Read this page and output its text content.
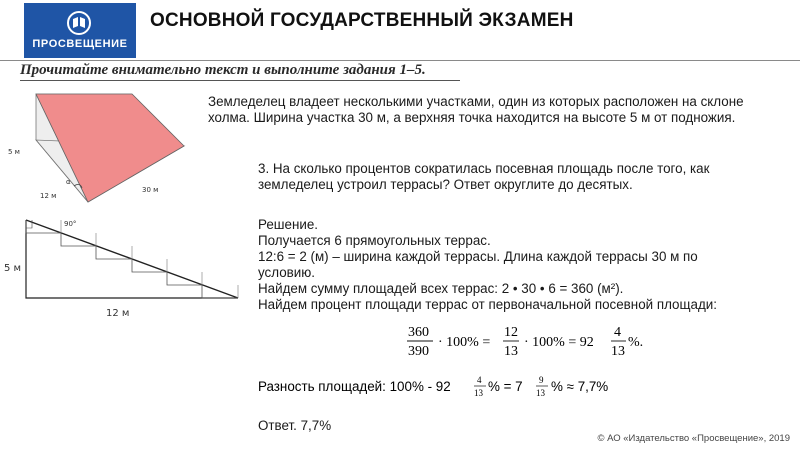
ПРОСВЕЩЕНИЕ
ОСНОВНОЙ ГОСУДАРСТВЕННЫЙ ЭКЗАМЕН
Прочитайте внимательно текст и выполните задания 1–5.
5 м
12 м
30 м
α
90°
5 м
12 м
Земледелец владеет несколькими участками, один из которых расположен на склоне холма. Ширина участка 30 м, а верхняя точка находится на высоте 5 м от подножия.
3. На сколько процентов сократилась посевная площадь после того, как земледелец устроил террасы? Ответ округлите до десятых.
Решение.
Получается 6 прямоугольных террас.
12:6 = 2 (м) – ширина каждой террасы. Длина каждой террасы 30 м по
условию.
Найдем сумму площадей всех террас: 2 • 30 • 6 = 360 (м²).
Найдем процент площади террас от первоначальной посевной площади:
360
390
· 100% =
12
13
· 100% = 92
4
13
%.
Разность площадей: 100% - 92	4
13 % = 7 9
13 % ≈ 7,7%
Ответ. 7,7%
© АО «Издательство «Просвещение», 2019
